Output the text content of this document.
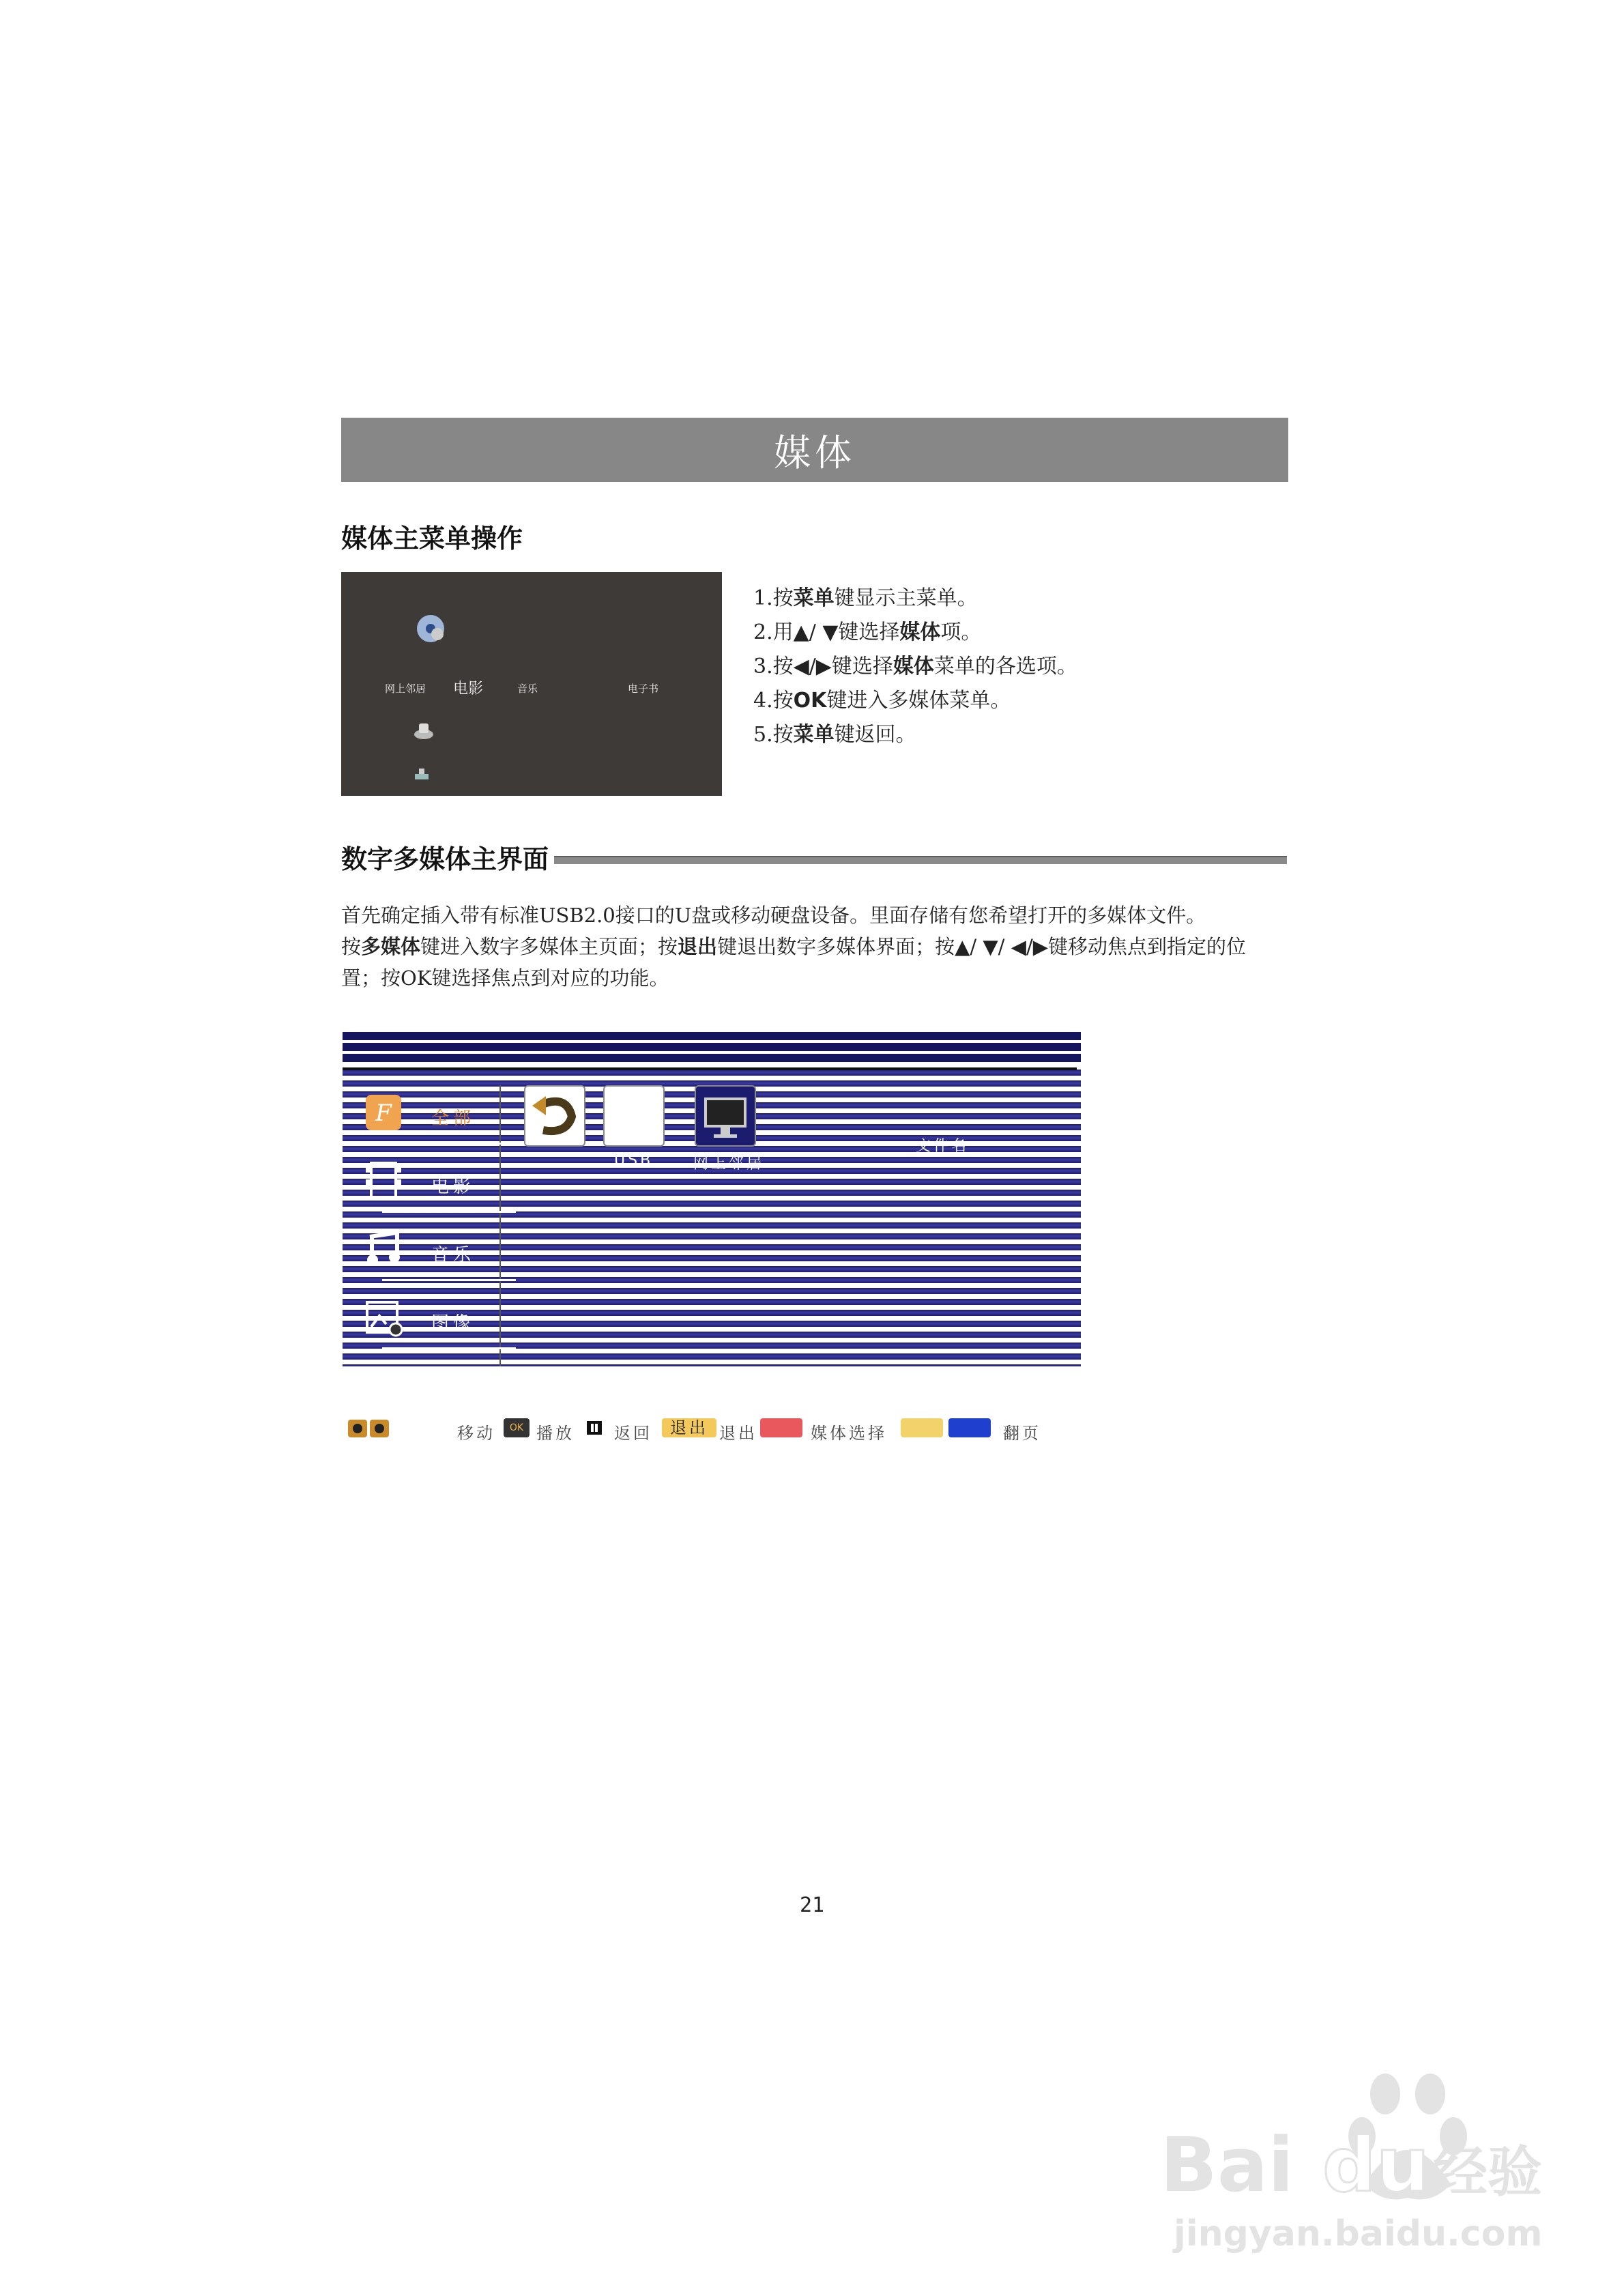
媒体
媒体主菜单操作
网上邻居 电影	音乐	电子书
1.按菜单键显示主菜单。
2.用▲/ ▼键选择媒体项。
3.按◀/▶键选择媒体菜单的各选项。
4.按OK键进入多媒体菜单。
5.按菜单键返回。
数字多媒体主界面

首先确定插入带有标准USB2.0接口的U盘或移动硬盘设备。里面存储有您希望打开的多媒体文件。

按多媒体键进入数字多媒体主页面；按退出键退出数字多媒体界面；按▲/ ▼/ ◀/▶键移动焦点到指定的位

置；按OK键选择焦点到对应的功能。

F 全部
电影
音乐
图像
USB	网上邻居
文件名
移动	OK 播放 返回	退出 退出	媒体选择	翻页
21
Bai du 经验
jingyan.baidu.com
